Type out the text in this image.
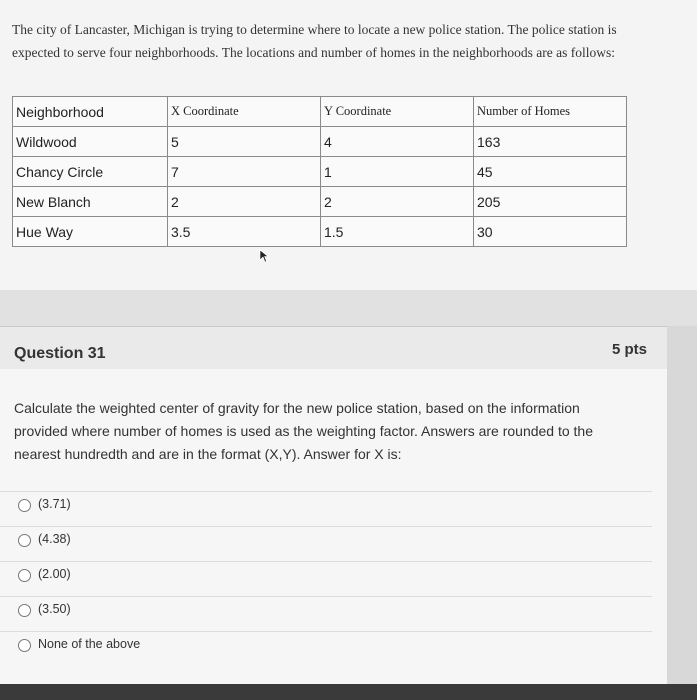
The city of Lancaster, Michigan is trying to determine where to locate a new police station. The police station is expected to serve four neighborhoods. The locations and number of homes in the neighborhoods are as follows:
Neighborhood	X Coordinate	Y Coordinate	Number of Homes
Wildwood	5	4	163
Chancy Circle	7	1	45
New Blanch	2	2	205
Hue Way	3.5	1.5	30
Question 31	5 pts
Calculate the weighted center of gravity for the new police station, based on the information provided where number of homes is used as the weighting factor. Answers are rounded to the nearest hundredth and are in the format (X,Y). Answer for X is:
(3.71)
(4.38)
(2.00)
(3.50)
None of the above
